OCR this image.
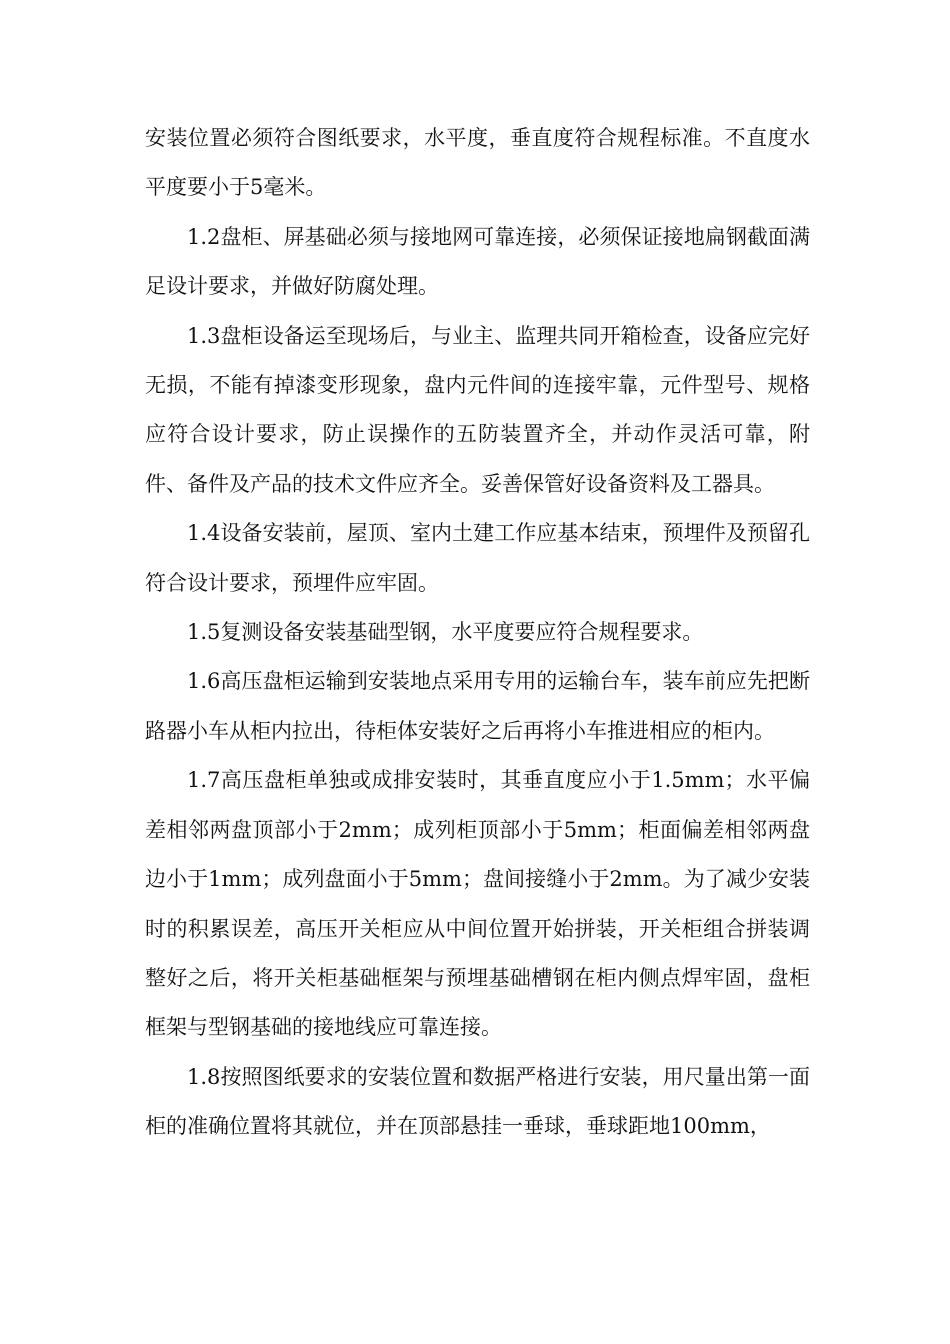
安装位置必须符合图纸要求，水平度，垂直度符合规程标准。不直度水平度要小于5毫米。

1.2盘柜、屏基础必须与接地网可靠连接，必须保证接地扁钢截面满足设计要求，并做好防腐处理。

1.3盘柜设备运至现场后，与业主、监理共同开箱检查，设备应完好无损，不能有掉漆变形现象，盘内元件间的连接牢靠，元件型号、规格应符合设计要求，防止误操作的五防装置齐全，并动作灵活可靠，附件、备件及产品的技术文件应齐全。妥善保管好设备资料及工器具。

1.4设备安装前，屋顶、室内土建工作应基本结束，预埋件及预留孔符合设计要求，预埋件应牢固。

1.5复测设备安装基础型钢，水平度要应符合规程要求。

1.6高压盘柜运输到安装地点采用专用的运输台车，装车前应先把断路器小车从柜内拉出，待柜体安装好之后再将小车推进相应的柜内。

1.7高压盘柜单独或成排安装时，其垂直度应小于1.5mm；水平偏差相邻两盘顶部小于2mm；成列柜顶部小于5mm；柜面偏差相邻两盘边小于1mm；成列盘面小于5mm；盘间接缝小于2mm。为了减少安装时的积累误差，高压开关柜应从中间位置开始拼装，开关柜组合拼装调整好之后，将开关柜基础框架与预埋基础槽钢在柜内侧点焊牢固，盘柜框架与型钢基础的接地线应可靠连接。

1.8按照图纸要求的安装位置和数据严格进行安装，用尺量出第一面柜的准确位置将其就位，并在顶部悬挂一垂球，垂球距地100mm，
